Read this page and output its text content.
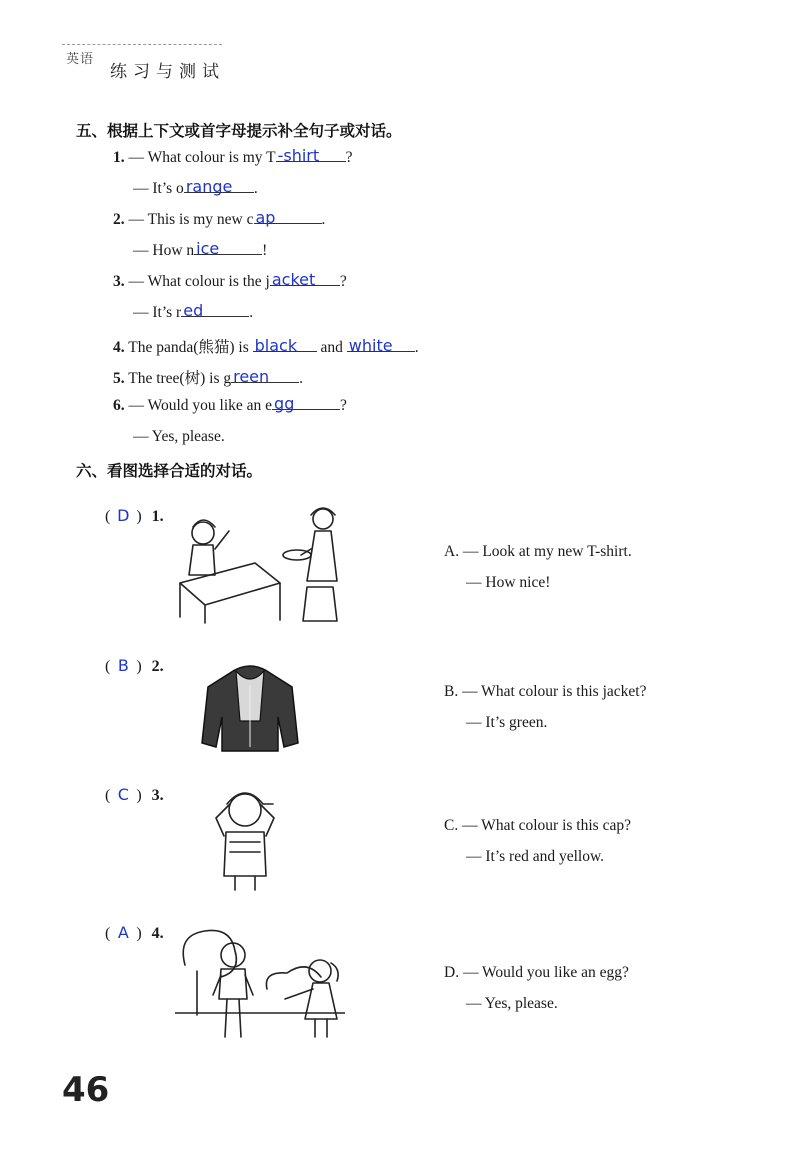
英语
练习与测试
五、根据上下文或首字母提示补全句子或对话。
1. — What colour is my T -shirt ?
— It’s o range .
2. — This is my new c ap	.
— How n ice	!
3. — What colour is the j acket ?
— It’s r ed	.
4. The panda(熊猫) is black and white .
5. The tree(树) is g reen .
6. — Would you like an e gg	?
— Yes, please.
六、看图选择合适的对话。
( D ) 1.
( B ) 2.
( C ) 3.
( A ) 4.
A. — Look at my new T-shirt.
— How nice!
B. — What colour is this jacket?
— It’s green.
C. — What colour is this cap?
— It’s red and yellow.
D. — Would you like an egg?
— Yes, please.
46
